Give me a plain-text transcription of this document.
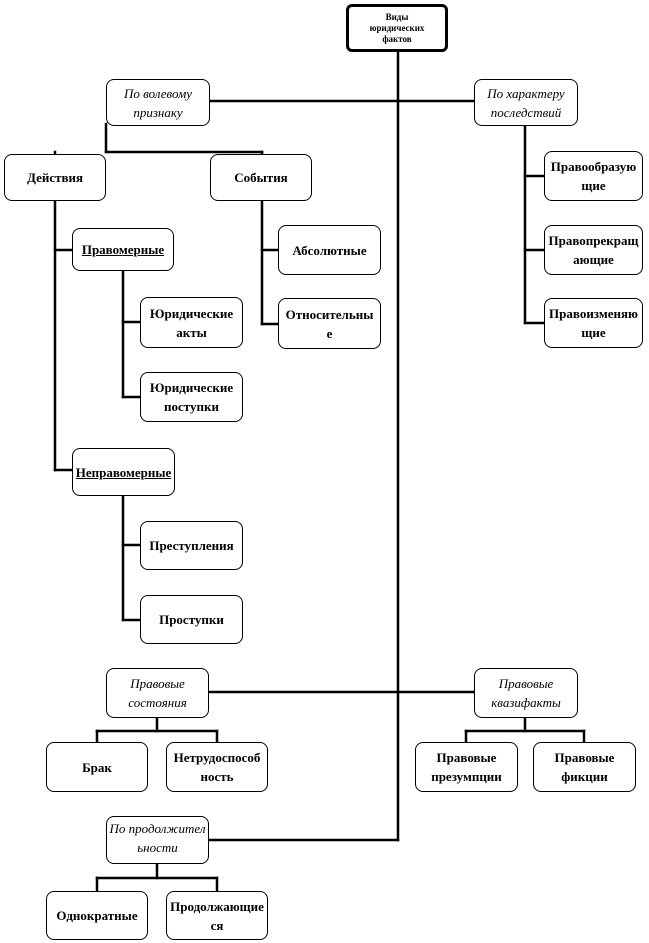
Виды юридических фактов
По волевому признаку
Действия	События
Правомерные
Юридические акты
Юридические поступки
Неправомерные
Преступления
Проступки
Абсолютные
Относительные
По характеру последствий
Правообразующие
Правопрекращающие
Правоизменяющие
Правовые состояния
Брак
Нетрудоспособность
Правовые квазифакты
Правовые презумпции
Правовые фикции
По продолжительности
Однократные
Продолжающиеся
